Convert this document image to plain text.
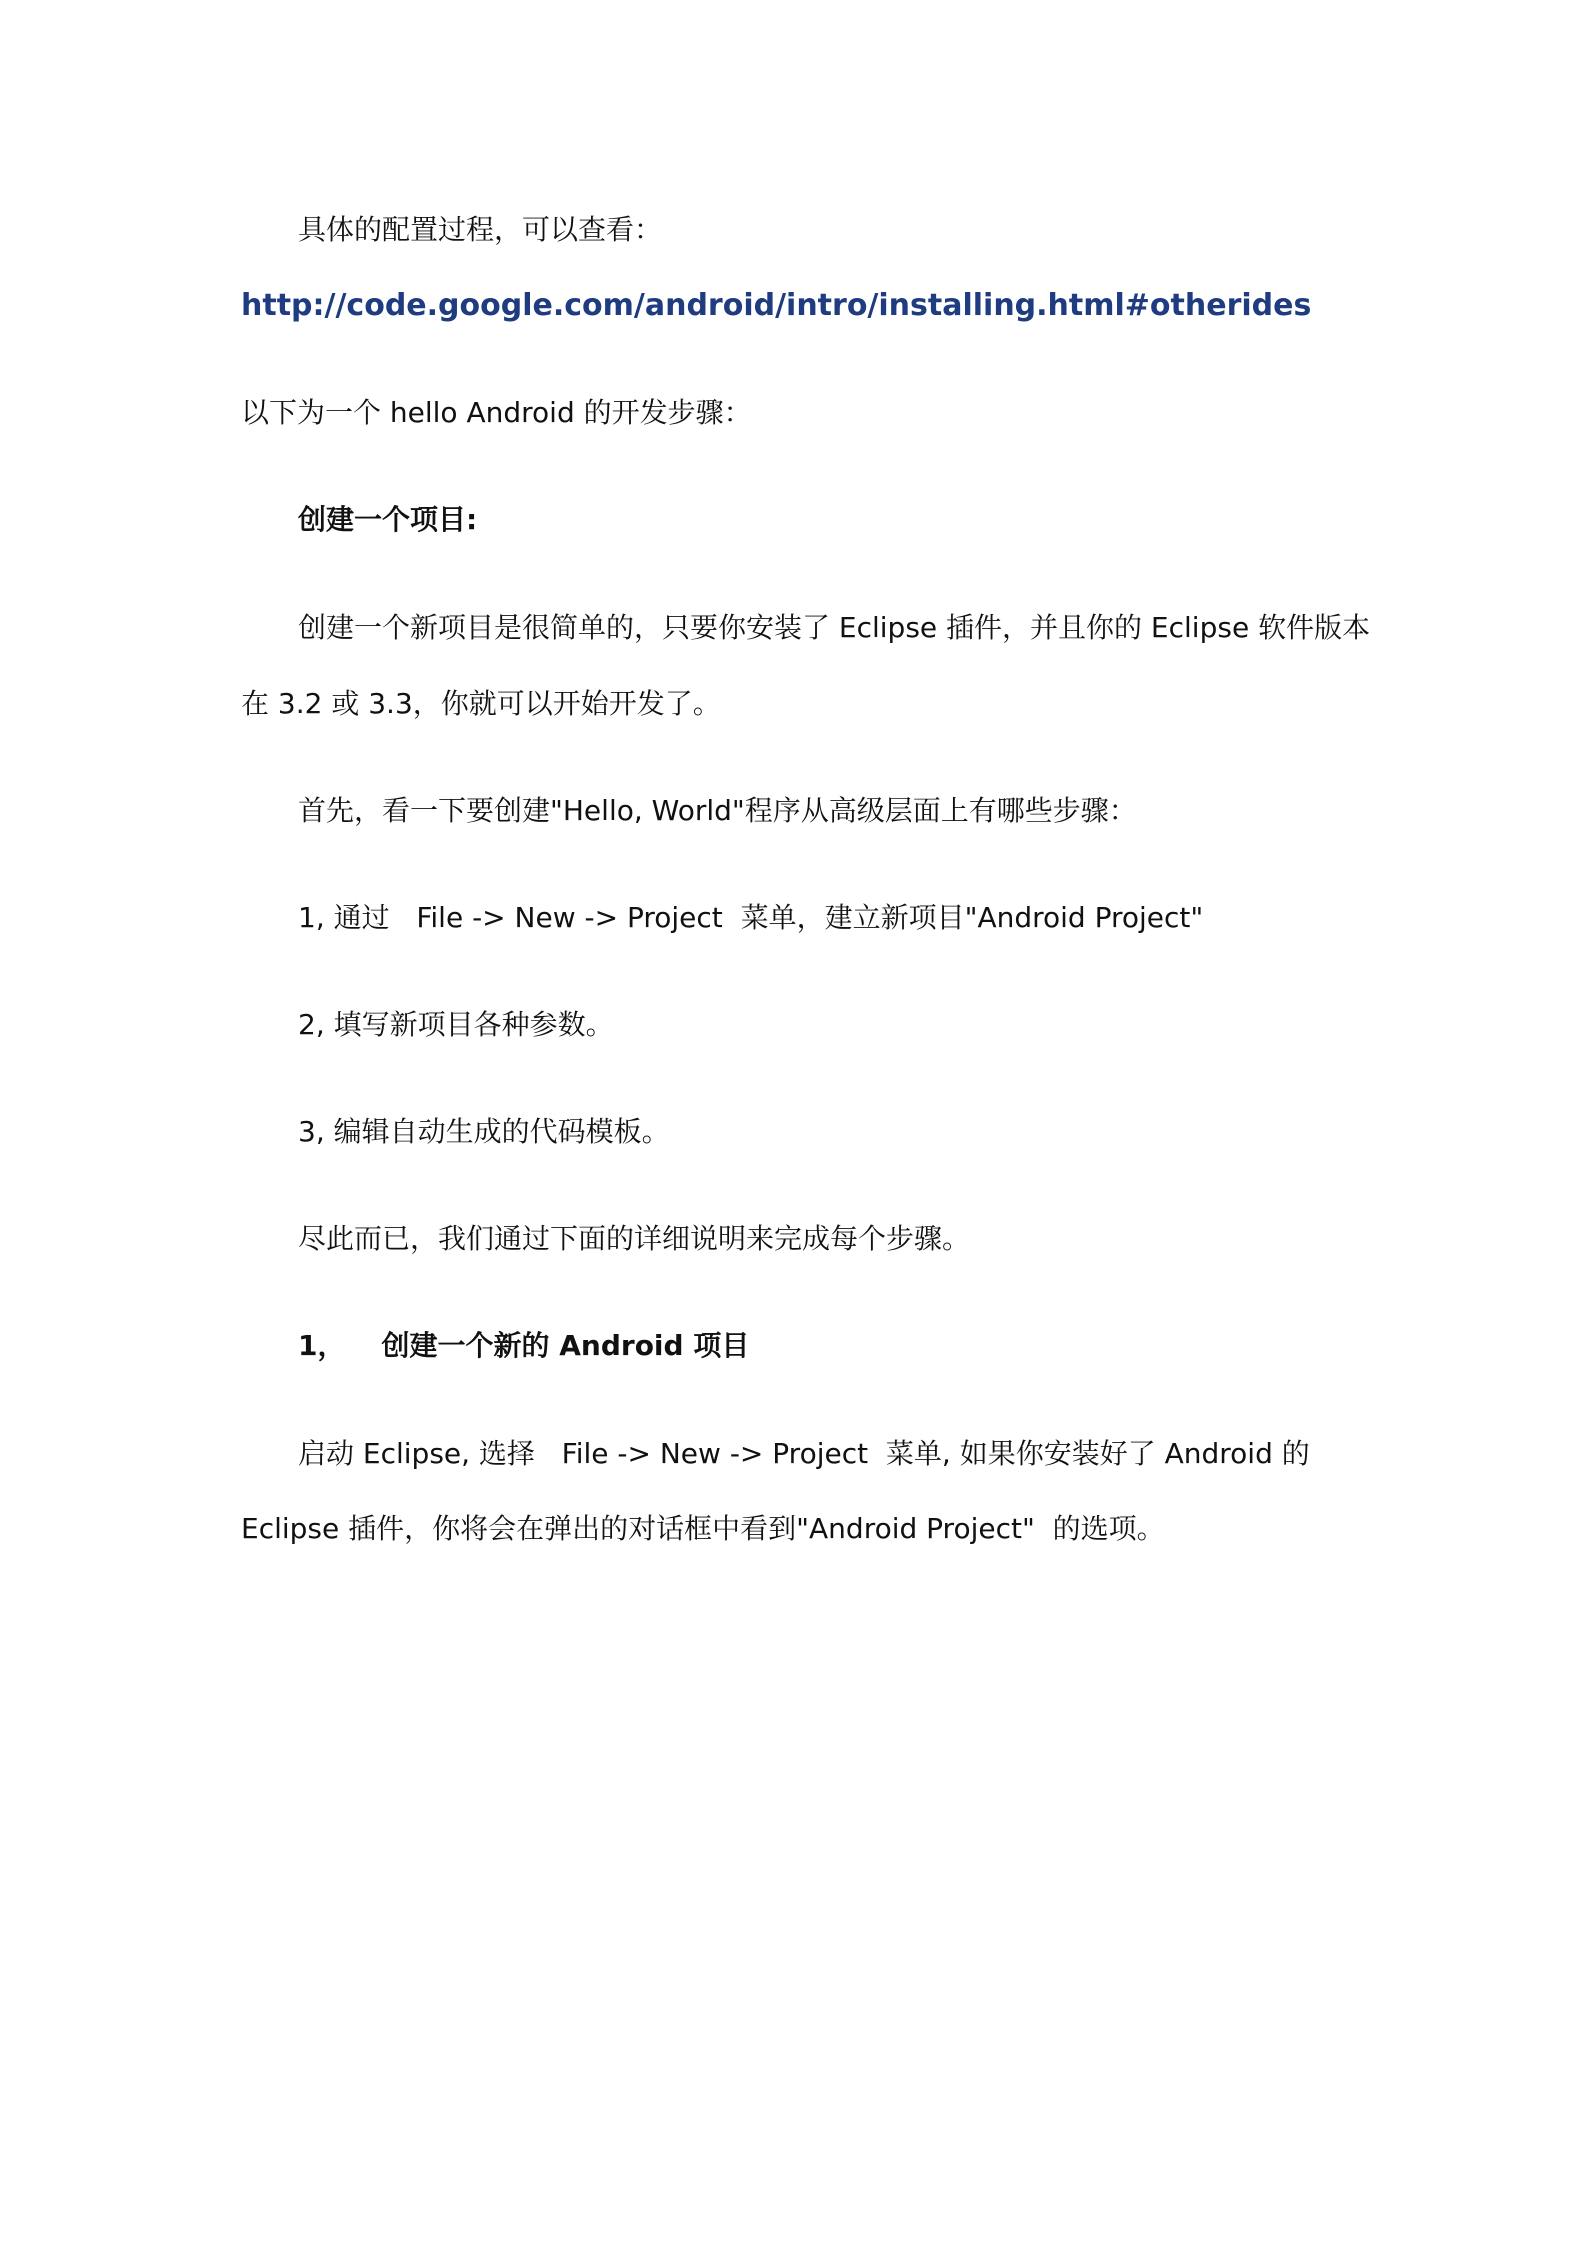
具体的配置过程，可以查看：
http://code.google.com/android/intro/installing.html#otherides
以下为一个 hello Android 的开发步骤：
创建一个项目:
创建一个新项目是很简单的，只要你安装了 Eclipse 插件，并且你的 Eclipse 软件版本
在 3.2 或 3.3，你就可以开始开发了。
首先，看一下要创建"Hello, World"程序从高级层面上有哪些步骤：
1, 通过   File -> New -> Project  菜单，建立新项目"Android Project"
2, 填写新项目各种参数。
3, 编辑自动生成的代码模板。
尽此而已，我们通过下面的详细说明来完成每个步骤。
1， 创建一个新的 Android 项目
启动 Eclipse, 选择   File -> New -> Project  菜单, 如果你安装好了 Android 的
Eclipse 插件，你将会在弹出的对话框中看到"Android Project"  的选项。
